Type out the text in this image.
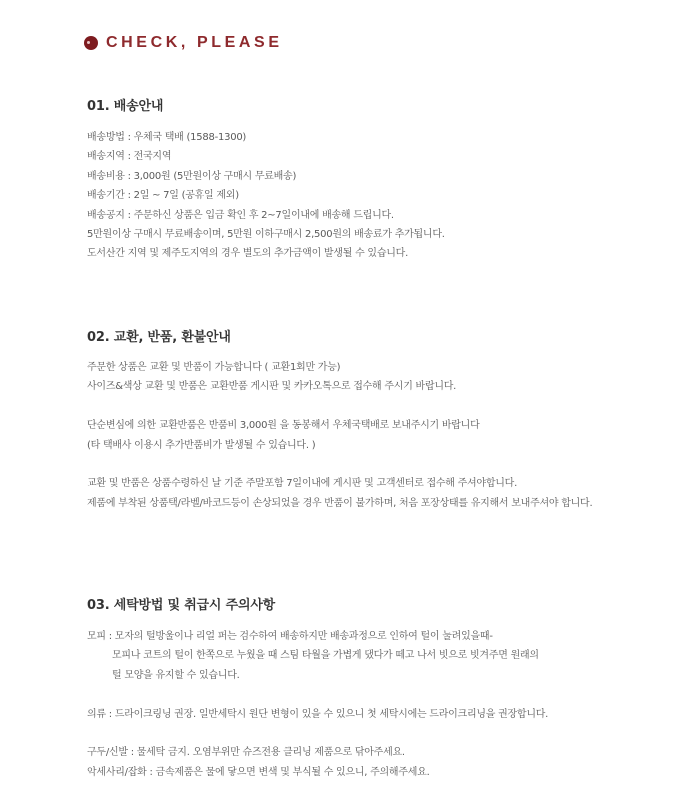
CHECK, PLEASE
01. 배송안내
배송방법 : 우체국 택배 (1588-1300)
배송지역 : 전국지역
배송비용 : 3,000원 (5만원이상 구매시 무료배송)
배송기간 : 2일 ~ 7일 (공휴일 제외)
배송공지 : 주문하신 상품은 입금 확인 후 2~7일이내에 배송해 드립니다.
5만원이상 구매시 무료배송이며, 5만원 이하구매시 2,500원의 배송료가 추가됩니다.
도서산간 지역 및 제주도지역의 경우 별도의 추가금액이 발생될 수 있습니다.
02. 교환, 반품, 환불안내
주문한 상품은 교환 및 반품이 가능합니다 ( 교환1회만 가능)
사이즈&색상 교환 및 반품은 교환반품 게시판 및 카카오톡으로 접수해 주시기 바랍니다.
단순변심에 의한 교환반품은 반품비 3,000원 을 동봉해서 우체국택배로 보내주시기 바랍니다
(타 택배사 이용시 추가반품비가 발생될 수 있습니다. )
교환 및 반품은 상품수령하신 날 기준 주말포함 7일이내에 게시판 및 고객센터로 접수해 주셔야합니다.
제품에 부착된 상품택/라벨/바코드등이 손상되었을 경우 반품이 불가하며, 처음 포장상태를 유지해서 보내주셔야 합니다.
03. 세탁방법 및 취급시 주의사항
모피 : 모자의 털방울이나 리얼 퍼는 검수하여 배송하지만 배송과정으로 인하여 털이 눌려있을때-
모피나 코트의 털이 한쪽으로 누웠을 때 스팀 타월을 가볍게 댔다가 떼고 나서 빗으로 빗겨주면 원래의
털 모양을 유지할 수 있습니다.
의류 : 드라이크링닝 권장. 일반세탁시 원단 변형이 있을 수 있으니 첫 세탁시에는 드라이크리닝을 권장합니다.
구두/신발 : 물세탁 금지. 오염부위만 슈즈전용 클리닝 제품으로 닦아주세요.
악세사리/잡화 : 금속제품은 물에 닿으면 변색 및 부식될 수 있으니, 주의해주세요.
